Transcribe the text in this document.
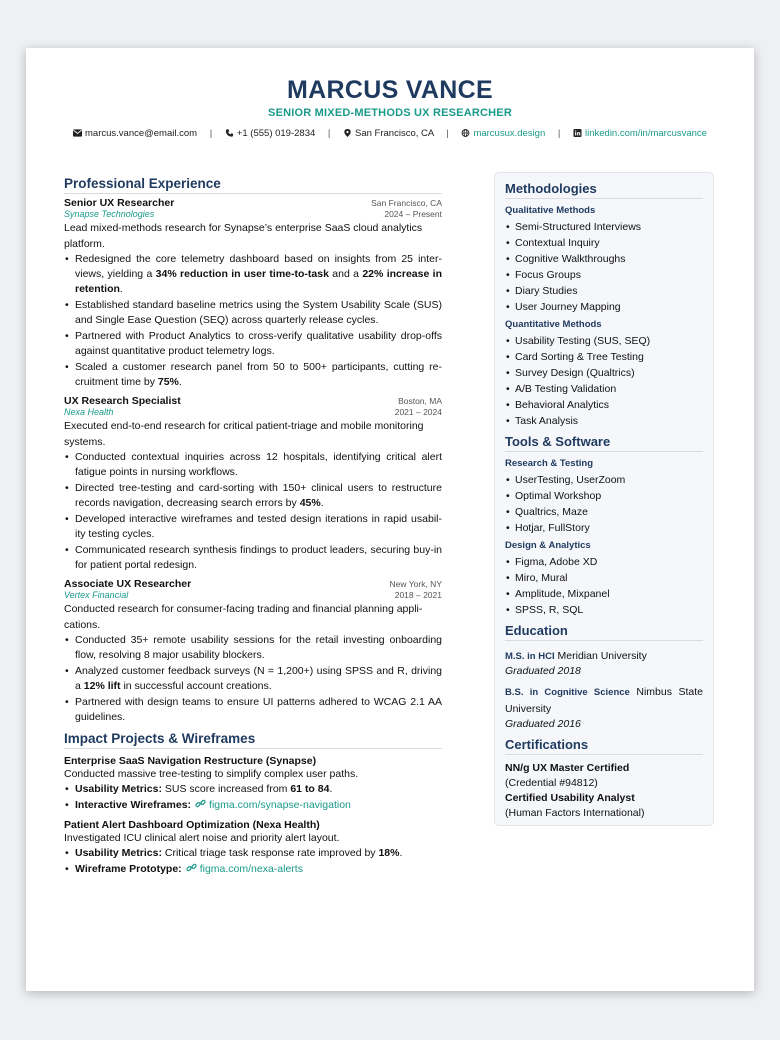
MARCUS VANCE
SENIOR MIXED-METHODS UX RESEARCHER
marcus.vance@email.com |	+1 (555) 019-2834 |	San Francisco, CA |	marcusux.design |	linkedin.com/in/marcusvance
Professional Experience
Senior UX Researcher	San Francisco, CA
Synapse Technologies	2024 – Present
Lead mixed-methods research for Synapse’s enterprise SaaS cloud analytics platform.
• Redesigned the core telemetry dashboard based on insights from 25 inter-views, yielding a 34% reduction in user time-to-task and a 22% increase in retention.
• Established standard baseline metrics using the System Usability Scale (SUS) and Single Ease Question (SEQ) across quarterly release cycles.
• Partnered with Product Analytics to cross-verify qualitative usability drop-offs against quantitative product telemetry logs.
• Scaled a customer research panel from 50 to 500+ participants, cutting re-cruitment time by 75%.
UX Research Specialist	Boston, MA
Nexa Health	2021 – 2024
Executed end-to-end research for critical patient-triage and mobile monitoring systems.
• Conducted contextual inquiries across 12 hospitals, identifying critical alert fatigue points in nursing workflows.
• Directed tree-testing and card-sorting with 150+ clinical users to restructure records navigation, decreasing search errors by 45%.
• Developed interactive wireframes and tested design iterations in rapid usabil-ity testing cycles.
• Communicated research synthesis findings to product leaders, securing buy-in for patient portal redesign.
Associate UX Researcher	New York, NY
Vertex Financial	2018 – 2021
Conducted research for consumer-facing trading and financial planning appli-cations.
• Conducted 35+ remote usability sessions for the retail investing onboarding flow, resolving 8 major usability blockers.
• Analyzed customer feedback surveys (N = 1,200+) using SPSS and R, driving a 12% lift in successful account creations.
• Partnered with design teams to ensure UI patterns adhered to WCAG 2.1 AA guidelines.
Impact Projects & Wireframes
Enterprise SaaS Navigation Restructure (Synapse)
Conducted massive tree-testing to simplify complex user paths.
• Usability Metrics: SUS score increased from 61 to 84.
• Interactive Wireframes: figma.com/synapse-navigation
Patient Alert Dashboard Optimization (Nexa Health)
Investigated ICU clinical alert noise and priority alert layout.
• Usability Metrics: Critical triage task response rate improved by 18%.
• Wireframe Prototype: figma.com/nexa-alerts
Methodologies
Qualitative Methods
• Semi-Structured Interviews
• Contextual Inquiry
• Cognitive Walkthroughs
• Focus Groups
• Diary Studies
• User Journey Mapping
Quantitative Methods
• Usability Testing (SUS, SEQ)
• Card Sorting & Tree Testing
• Survey Design (Qualtrics)
• A/B Testing Validation
• Behavioral Analytics
• Task Analysis
Tools & Software
Research & Testing
• UserTesting, UserZoom
• Optimal Workshop
• Qualtrics, Maze
• Hotjar, FullStory
Design & Analytics
• Figma, Adobe XD
• Miro, Mural
• Amplitude, Mixpanel
• SPSS, R, SQL
Education
M.S. in HCI Meridian University
Graduated 2018
B.S. in Cognitive Science Nimbus State University
Graduated 2016
Certifications
NN/g UX Master Certified
(Credential #94812)
Certified Usability Analyst
(Human Factors International)
